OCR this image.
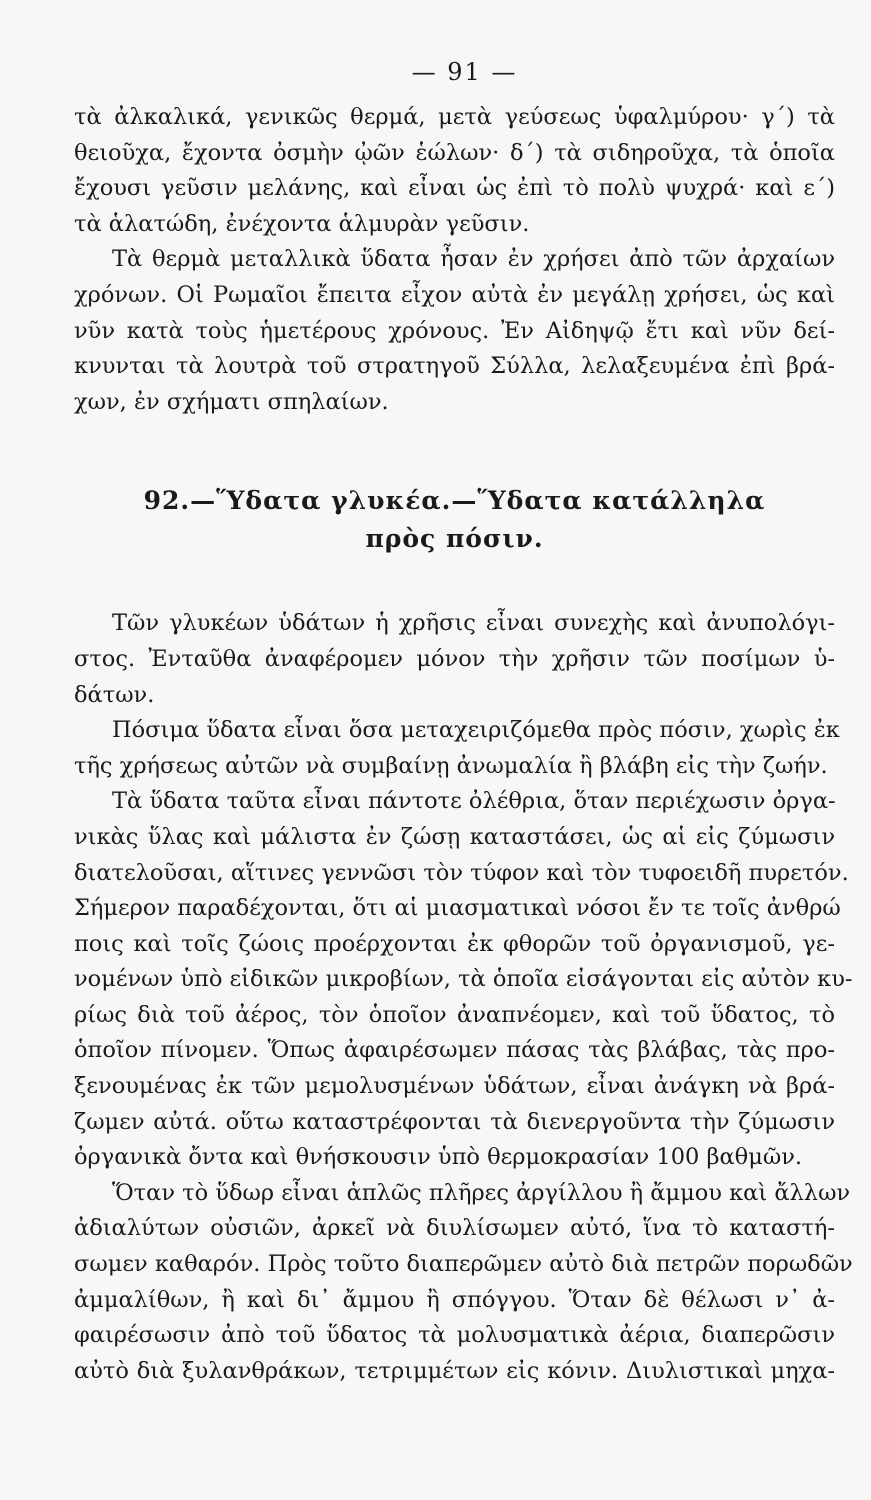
— 91 —
τὰ ἀλκαλικά, γενικῶς θερμά, μετὰ γεύσεως ὑφαλμύρου· γ΄) τὰ
θειοῦχα, ἔχοντα ὀσμὴν ᾠῶν ἑώλων· δ΄) τὰ σιδηροῦχα, τὰ ὁποῖα
ἔχουσι γεῦσιν μελάνης, καὶ εἶναι ὡς ἐπὶ τὸ πολὺ ψυχρά· καὶ ε΄)
τὰ ἁλατώδη, ἐνέχοντα ἁλμυρὰν γεῦσιν.
Τὰ θερμὰ μεταλλικὰ ὕδατα ἦσαν ἐν χρήσει ἀπὸ τῶν ἀρχαίων
χρόνων. Οἱ Ρωμαῖοι ἔπειτα εἶχον αὐτὰ ἐν μεγάλῃ χρήσει, ὡς καὶ
νῦν κατὰ τοὺς ἡμετέρους χρόνους. Ἐν Αἰδηψῷ ἔτι καὶ νῦν δεί-
κνυνται τὰ λουτρὰ τοῦ στρατηγοῦ Σύλλα, λελαξευμένα ἐπὶ βρά-
χων, ἐν σχήματι σπηλαίων.
92.—Ὕδατα γλυκέα.—Ὕδατα κατάλληλα
πρὸς πόσιν.
Τῶν γλυκέων ὑδάτων ἡ χρῆσις εἶναι συνεχὴς καὶ ἀνυπολόγι-
στος. Ἐνταῦθα ἀναφέρομεν μόνον τὴν χρῆσιν τῶν ποσίμων ὑ-
δάτων.
Πόσιμα ὕδατα εἶναι ὅσα μεταχειριζόμεθα πρὸς πόσιν, χωρὶς ἐκ
τῆς χρήσεως αὐτῶν νὰ συμβαίνῃ ἀνωμαλία ἢ βλάβη εἰς τὴν ζωήν.
Τὰ ὕδατα ταῦτα εἶναι πάντοτε ὀλέθρια, ὅταν περιέχωσιν ὀργα-
νικὰς ὕλας καὶ μάλιστα ἐν ζώσῃ καταστάσει, ὡς αἱ εἰς ζύμωσιν
διατελοῦσαι, αἵτινες γεννῶσι τὸν τύφον καὶ τὸν τυφοειδῆ πυρετόν.
Σήμερον παραδέχονται, ὅτι αἱ μιασματικαὶ νόσοι ἔν τε τοῖς ἀνθρώ
ποις καὶ τοῖς ζώοις προέρχονται ἐκ φθορῶν τοῦ ὀργανισμοῦ, γε-
νομένων ὑπὸ εἰδικῶν μικροβίων, τὰ ὁποῖα εἰσάγονται εἰς αὐτὸν κυ-
ρίως διὰ τοῦ ἀέρος, τὸν ὁποῖον ἀναπνέομεν, καὶ τοῦ ὕδατος, τὸ
ὁποῖον πίνομεν. Ὅπως ἀφαιρέσωμεν πάσας τὰς βλάβας, τὰς προ-
ξενουμένας ἐκ τῶν μεμολυσμένων ὑδάτων, εἶναι ἀνάγκη νὰ βρά-
ζωμεν αὐτά. οὕτω καταστρέφονται τὰ διενεργοῦντα τὴν ζύμωσιν
ὀργανικὰ ὄντα καὶ θνήσκουσιν ὑπὸ θερμοκρασίαν 100 βαθμῶν.
Ὅταν τὸ ὕδωρ εἶναι ἁπλῶς πλῆρες ἀργίλλου ἢ ἄμμου καὶ ἄλλων
ἀδιαλύτων οὐσιῶν, ἀρκεῖ νὰ διυλίσωμεν αὐτό, ἵνα τὸ καταστή-
σωμεν καθαρόν. Πρὸς τοῦτο διαπερῶμεν αὐτὸ διὰ πετρῶν πορωδῶν
ἀμμαλίθων, ἢ καὶ δι᾽ ἄμμου ἢ σπόγγου. Ὅταν δὲ θέλωσι ν᾽ ἀ-
φαιρέσωσιν ἀπὸ τοῦ ὕδατος τὰ μολυσματικὰ ἀέρια, διαπερῶσιν
αὐτὸ διὰ ξυλανθράκων, τετριμμέτων εἰς κόνιν. Διυλιστικαὶ μηχα-
